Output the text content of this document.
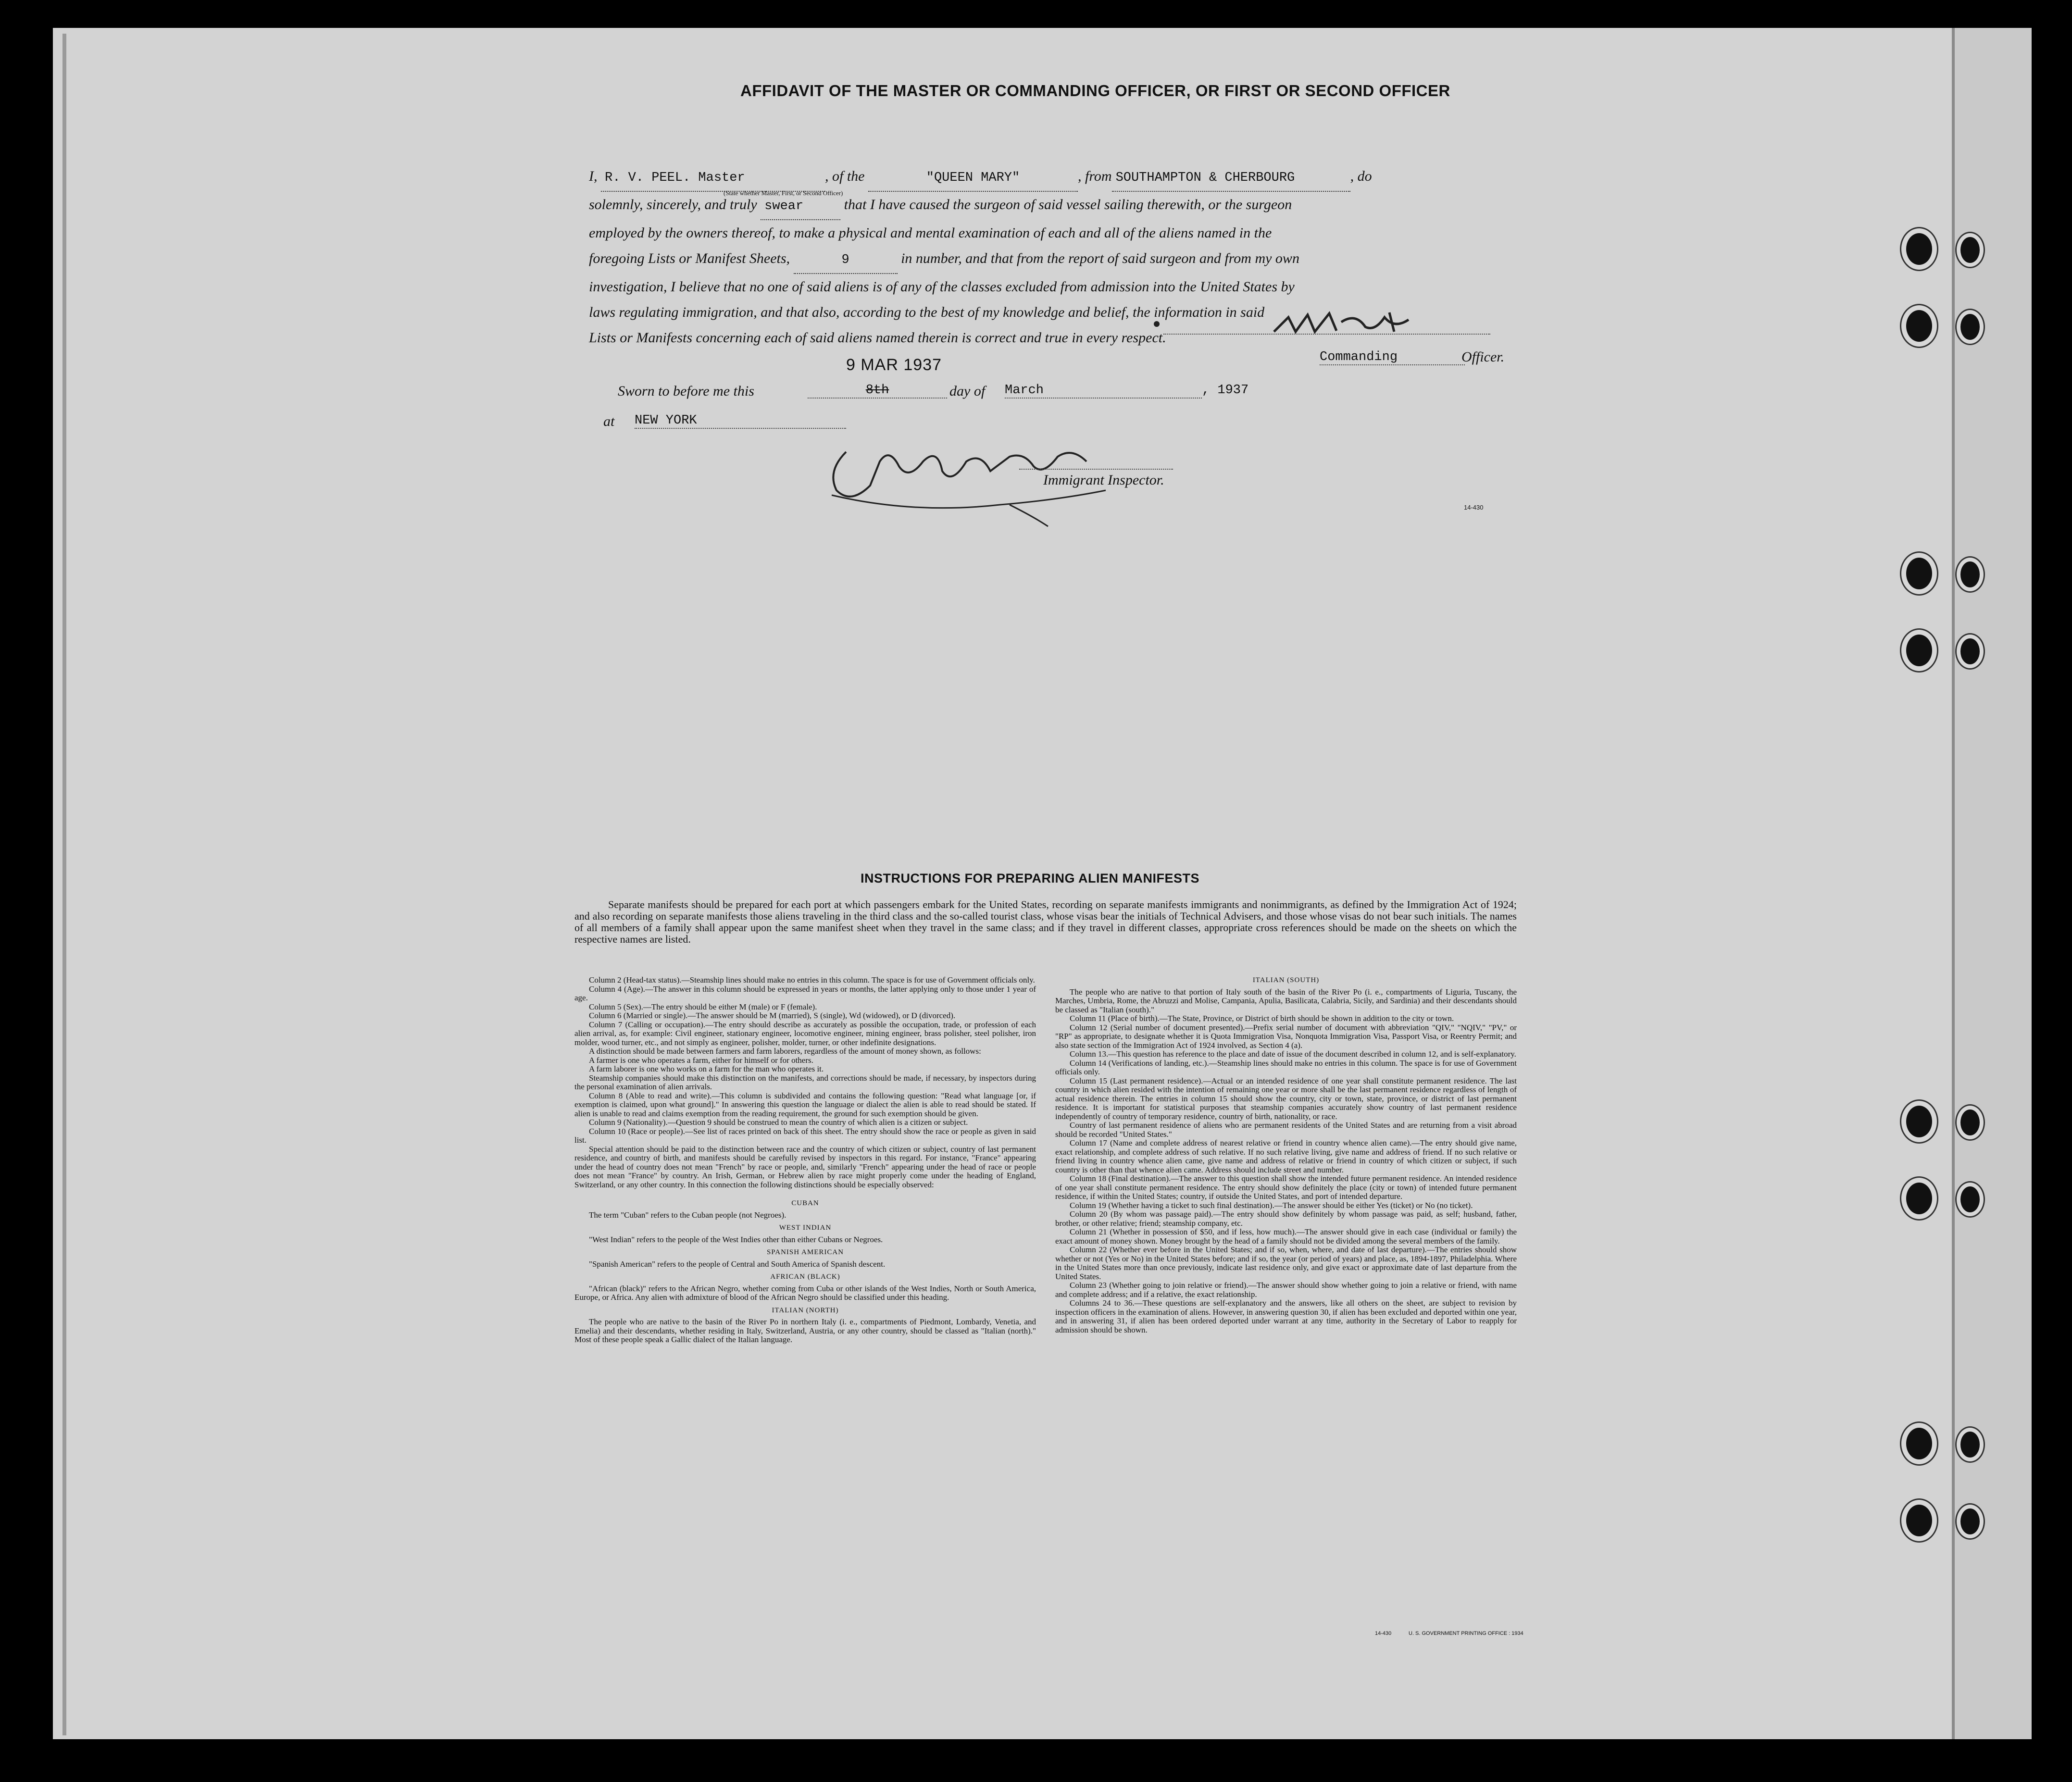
AFFIDAVIT OF THE MASTER OR COMMANDING OFFICER, OR FIRST OR SECOND OFFICER
I, R. V. PEEL. Master	, of the	"QUEEN MARY"	, from SOUTHAMPTON & CHERBOURG	, do
solemnly, sincerely, and truly swear	that I have caused the surgeon of said vessel sailing therewith, or the surgeon
employed by the owners thereof, to make a physical and mental examination of each and all of the aliens named in the
foregoing Lists or Manifest Sheets,	9	in number, and that from the report of said surgeon and from my own
investigation, I believe that no one of said aliens is of any of the classes excluded from admission into the United States by
laws regulating immigration, and that also, according to the best of my knowledge and belief, the information in said
Lists or Manifests concerning each of said aliens named therein is correct and true in every respect.
(State whether Master, First, or Second Officer)
Commanding	Officer.
9 MAR 1937
Sworn to before me this	8th	day of March	, 1937
at NEW YORK
Immigrant Inspector.
14-430
INSTRUCTIONS FOR PREPARING ALIEN MANIFESTS
Separate manifests should be prepared for each port at which passengers embark for the United States, recording on separate manifests immigrants and nonimmigrants, as defined by the Immigration Act of 1924; and also recording on separate manifests those aliens traveling in the third class and the so-called tourist class, whose visas bear the initials of Technical Advisers, and those whose visas do not bear such initials. The names of all members of a family shall appear upon the same manifest sheet when they travel in the same class; and if they travel in different classes, appropriate cross references should be made on the sheets on which the respective names are listed.

Column 2 (Head-tax status).—Steamship lines should make no entries in this column. The space is for use of Government officials only.

Column 4 (Age).—The answer in this column should be expressed in years or months, the latter applying only to those under 1 year of age.

Column 5 (Sex).—The entry should be either M (male) or F (female).

Column 6 (Married or single).—The answer should be M (married), S (single), Wd (widowed), or D (divorced).

Column 7 (Calling or occupation).—The entry should describe as accurately as possible the occupation, trade, or profession of each alien arrival, as, for example: Civil engineer, stationary engineer, locomotive engineer, mining engineer, brass polisher, steel polisher, iron molder, wood turner, etc., and not simply as engineer, polisher, molder, turner, or other indefinite designations.

A distinction should be made between farmers and farm laborers, regardless of the amount of money shown, as follows:

A farmer is one who operates a farm, either for himself or for others.

A farm laborer is one who works on a farm for the man who operates it.

Steamship companies should make this distinction on the manifests, and corrections should be made, if necessary, by inspectors during the personal examination of alien arrivals.

Column 8 (Able to read and write).—This column is subdivided and contains the following question: "Read what language [or, if exemption is claimed, upon what ground]." In answering this question the language or dialect the alien is able to read should be stated. If alien is unable to read and claims exemption from the reading requirement, the ground for such exemption should be given.

Column 9 (Nationality).—Question 9 should be construed to mean the country of which alien is a citizen or subject.

Column 10 (Race or people).—See list of races printed on back of this sheet. The entry should show the race or people as given in said list.

Special attention should be paid to the distinction between race and the country of which citizen or subject, country of last permanent residence, and country of birth, and manifests should be carefully revised by inspectors in this regard. For instance, "France" appearing under the head of country does not mean "French" by race or people, and, similarly "French" appearing under the head of race or people does not mean "France" by country. An Irish, German, or Hebrew alien by race might properly come under the heading of England, Switzerland, or any other country. In this connection the following distinctions should be especially observed:

CUBAN

The term "Cuban" refers to the Cuban people (not Negroes).

WEST INDIAN

"West Indian" refers to the people of the West Indies other than either Cubans or Negroes.

SPANISH AMERICAN

"Spanish American" refers to the people of Central and South America of Spanish descent.

AFRICAN (BLACK)

"African (black)" refers to the African Negro, whether coming from Cuba or other islands of the West Indies, North or South America, Europe, or Africa. Any alien with admixture of blood of the African Negro should be classified under this heading.

ITALIAN (NORTH)

The people who are native to the basin of the River Po in northern Italy (i. e., compartments of Piedmont, Lombardy, Venetia, and Emelia) and their descendants, whether residing in Italy, Switzerland, Austria, or any other country, should be classed as "Italian (north)." Most of these people speak a Gallic dialect of the Italian language.

ITALIAN (SOUTH)

The people who are native to that portion of Italy south of the basin of the River Po (i. e., compartments of Liguria, Tuscany, the Marches, Umbria, Rome, the Abruzzi and Molise, Campania, Apulia, Basilicata, Calabria, Sicily, and Sardinia) and their descendants should be classed as "Italian (south)."

Column 11 (Place of birth).—The State, Province, or District of birth should be shown in addition to the city or town.

Column 12 (Serial number of document presented).—Prefix serial number of document with abbreviation "QIV," "NQIV," "PV," or "RP" as appropriate, to designate whether it is Quota Immigration Visa, Nonquota Immigration Visa, Passport Visa, or Reentry Permit; and also state section of the Immigration Act of 1924 involved, as Section 4 (a).

Column 13.—This question has reference to the place and date of issue of the document described in column 12, and is self-explanatory.

Column 14 (Verifications of landing, etc.).—Steamship lines should make no entries in this column. The space is for use of Government officials only.

Column 15 (Last permanent residence).—Actual or an intended residence of one year shall constitute permanent residence. The last country in which alien resided with the intention of remaining one year or more shall be the last permanent residence regardless of length of actual residence therein. The entries in column 15 should show the country, city or town, state, province, or district of last permanent residence. It is important for statistical purposes that steamship companies accurately show country of last permanent residence independently of country of temporary residence, country of birth, nationality, or race.

Country of last permanent residence of aliens who are permanent residents of the United States and are returning from a visit abroad should be recorded "United States."

Column 17 (Name and complete address of nearest relative or friend in country whence alien came).—The entry should give name, exact relationship, and complete address of such relative. If no such relative living, give name and address of friend. If no such relative or friend living in country whence alien came, give name and address of relative or friend in country of which citizen or subject, if such country is other than that whence alien came. Address should include street and number.

Column 18 (Final destination).—The answer to this question shall show the intended future permanent residence. An intended residence of one year shall constitute permanent residence. The entry should show definitely the place (city or town) of intended future permanent residence, if within the United States; country, if outside the United States, and port of intended departure.

Column 19 (Whether having a ticket to such final destination).—The answer should be either Yes (ticket) or No (no ticket).

Column 20 (By whom was passage paid).—The entry should show definitely by whom passage was paid, as self; husband, father, brother, or other relative; friend; steamship company, etc.

Column 21 (Whether in possession of $50, and if less, how much).—The answer should give in each case (individual or family) the exact amount of money shown. Money brought by the head of a family should not be divided among the several members of the family.

Column 22 (Whether ever before in the United States; and if so, when, where, and date of last departure).—The entries should show whether or not (Yes or No) in the United States before; and if so, the year (or period of years) and place, as, 1894-1897, Philadelphia. Where in the United States more than once previously, indicate last residence only, and give exact or approximate date of last departure from the United States.

Column 23 (Whether going to join relative or friend).—The answer should show whether going to join a relative or friend, with name and complete address; and if a relative, the exact relationship.

Columns 24 to 36.—These questions are self-explanatory and the answers, like all others on the sheet, are subject to revision by inspection officers in the examination of aliens. However, in answering question 30, if alien has been excluded and deported within one year, and in answering 31, if alien has been ordered deported under warrant at any time, authority in the Secretary of Labor to reapply for admission should be shown.

14-430	U. S. GOVERNMENT PRINTING OFFICE : 1934
